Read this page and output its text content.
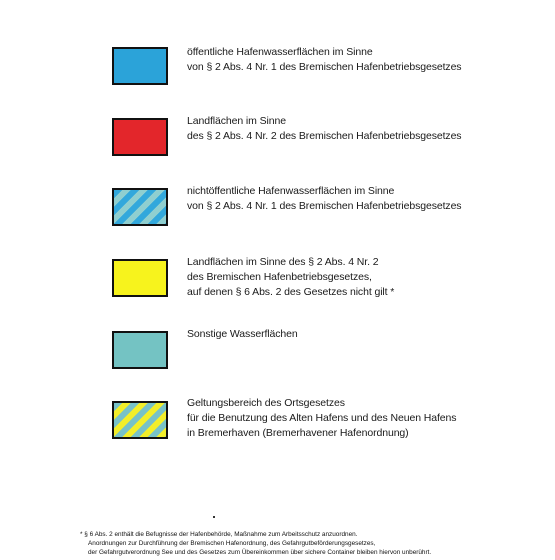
öffentliche Hafenwasserflächen im Sinne
von § 2 Abs. 4 Nr. 1 des Bremischen Hafenbetriebsgesetzes
Landflächen im Sinne
des § 2 Abs. 4 Nr. 2 des Bremischen Hafenbetriebsgesetzes
nichtöffentliche Hafenwasserflächen im Sinne
von § 2 Abs. 4 Nr. 1 des Bremischen Hafenbetriebsgesetzes
Landflächen im Sinne des § 2 Abs. 4 Nr. 2
des Bremischen Hafenbetriebsgesetzes,
auf denen § 6 Abs. 2 des Gesetzes nicht gilt *
Sonstige Wasserflächen
Geltungsbereich des Ortsgesetzes
für die Benutzung des Alten Hafens und des Neuen Hafens
in Bremerhaven (Bremerhavener Hafenordnung)
* § 6 Abs. 2 enthält die Befugnisse der Hafenbehörde, Maßnahme zum Arbeitsschutz anzuordnen.
Anordnungen zur Durchführung der Bremischen Hafenordnung, des Gefahrgutbeförderungsgesetzes,
der Gefahrgutverordnung See und des Gesetzes zum Übereinkommen über sichere Container bleiben hiervon unberührt.
